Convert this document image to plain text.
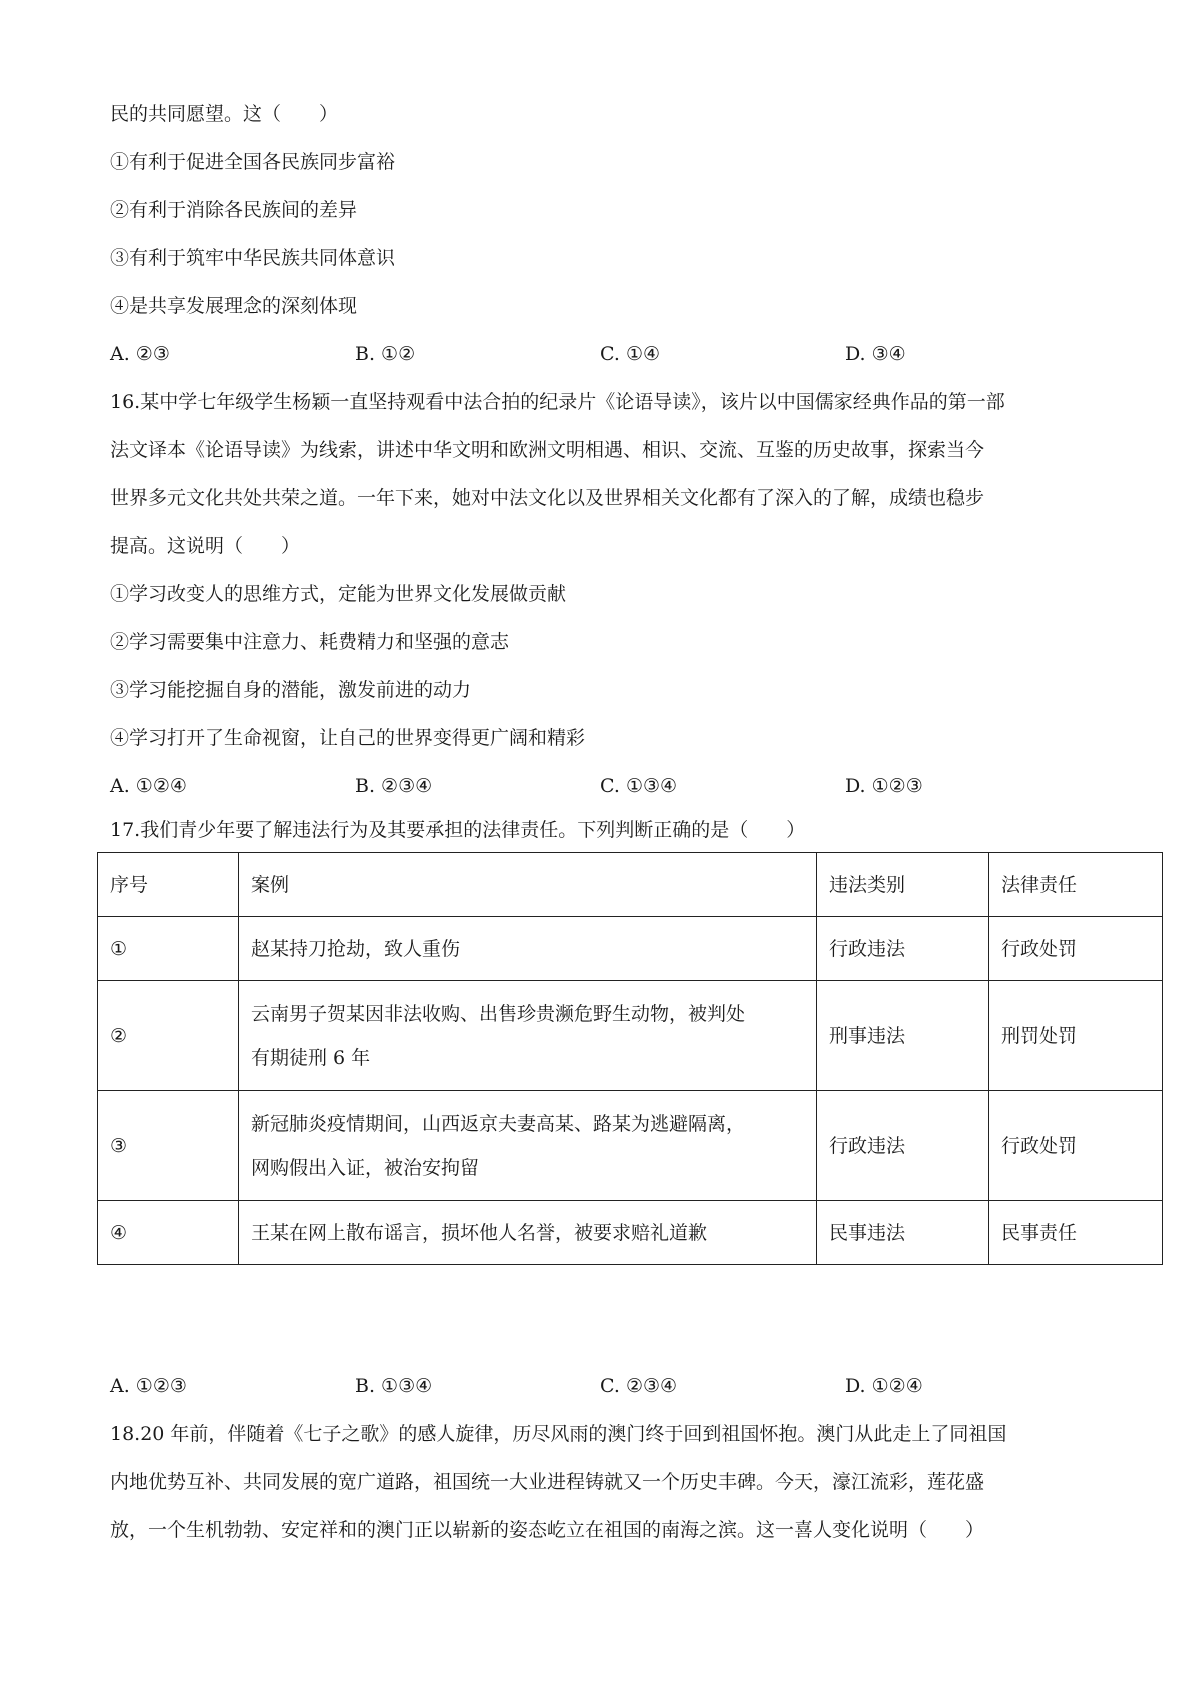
民的共同愿望。这（　　）
①有利于促进全国各民族同步富裕
②有利于消除各民族间的差异
③有利于筑牢中华民族共同体意识
④是共享发展理念的深刻体现
A. ②③	B. ①②	C. ①④	D. ③④
16.某中学七年级学生杨颖一直坚持观看中法合拍的纪录片《论语导读》，该片以中国儒家经典作品的第一部
法文译本《论语导读》为线索，讲述中华文明和欧洲文明相遇、相识、交流、互鉴的历史故事，探索当今
世界多元文化共处共荣之道。一年下来，她对中法文化以及世界相关文化都有了深入的了解，成绩也稳步
提高。这说明（　　）
①学习改变人的思维方式，定能为世界文化发展做贡献
②学习需要集中注意力、耗费精力和坚强的意志
③学习能挖掘自身的潜能，激发前进的动力
④学习打开了生命视窗，让自己的世界变得更广阔和精彩
A. ①②④	B. ②③④	C. ①③④	D. ①②③
17.我们青少年要了解违法行为及其要承担的法律责任。下列判断正确的是（　　）
序号	案例	违法类别	法律责任
①	赵某持刀抢劫，致人重伤	行政违法	行政处罚
②	云南男子贺某因非法收购、出售珍贵濒危野生动物，被判处
有期徒刑 6 年	刑事违法	刑罚处罚
③	新冠肺炎疫情期间，山西返京夫妻高某、路某为逃避隔离，
网购假出入证，被治安拘留	行政违法	行政处罚
④	王某在网上散布谣言，损坏他人名誉，被要求赔礼道歉	民事违法	民事责任
A. ①②③	B. ①③④	C. ②③④	D. ①②④
18.20 年前，伴随着《七子之歌》的感人旋律，历尽风雨的澳门终于回到祖国怀抱。澳门从此走上了同祖国
内地优势互补、共同发展的宽广道路，祖国统一大业进程铸就又一个历史丰碑。今天，濠江流彩，莲花盛
放，一个生机勃勃、安定祥和的澳门正以崭新的姿态屹立在祖国的南海之滨。这一喜人变化说明（　　）
